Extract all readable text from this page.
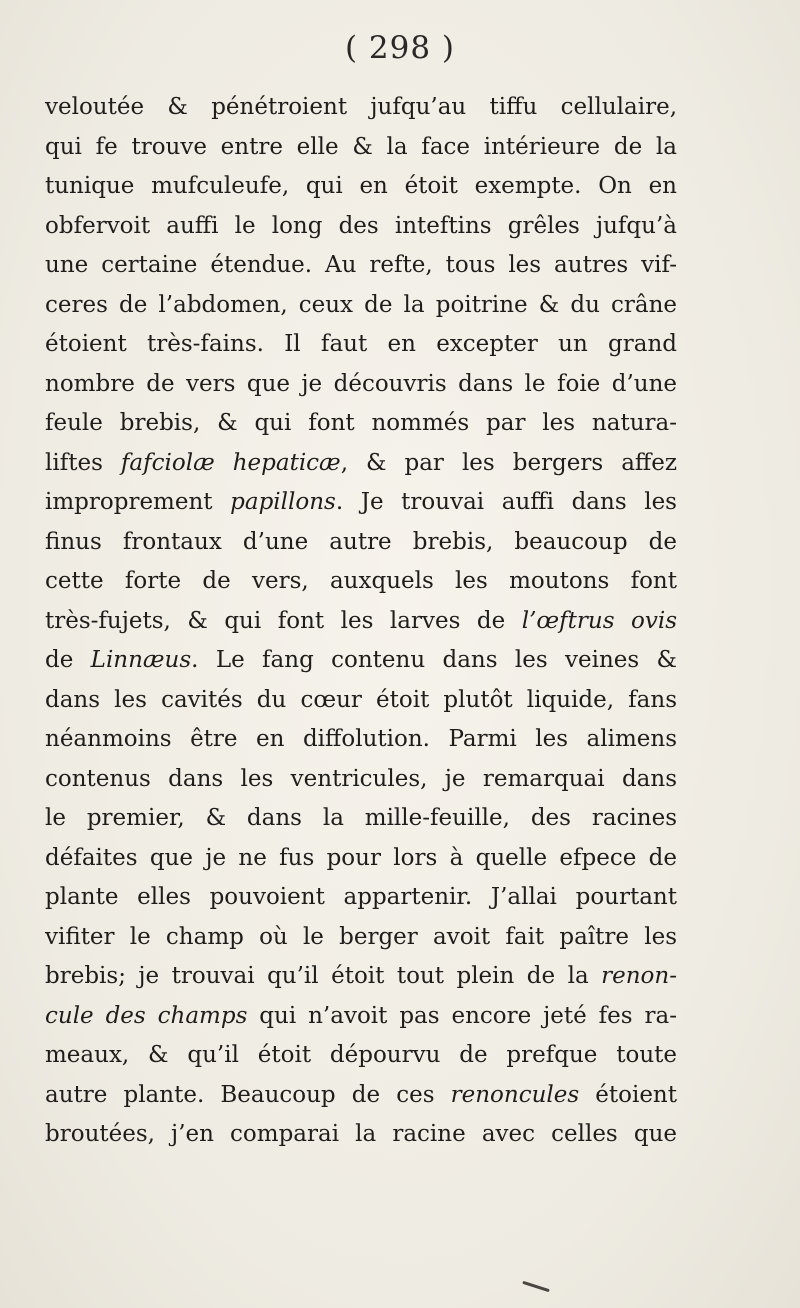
( 298 )
veloutée & pénétroient jufqu’au tiffu cellulaire,
qui fe trouve entre elle & la face intérieure de la
tunique mufculeufe, qui en étoit exempte. On en
obfervoit auffi le long des inteftins grêles jufqu’à
une certaine étendue. Au refte, tous les autres vif-
ceres de l’abdomen, ceux de la poitrine & du crâne
étoient très-fains. Il faut en excepter un grand
nombre de vers que je découvris dans le foie d’une
feule brebis, & qui font nommés par les natura-
liftes fafciolæ hepaticæ, & par les bergers affez
improprement papillons. Je trouvai auffi dans les
finus frontaux d’une autre brebis, beaucoup de
cette forte de vers, auxquels les moutons font
très-fujets, & qui font les larves de l’œftrus ovis
de Linnæus. Le fang contenu dans les veines &
dans les cavités du cœur étoit plutôt liquide, fans
néanmoins être en diffolution. Parmi les alimens
contenus dans les ventricules, je remarquai dans
le premier, & dans la mille-feuille, des racines
défaites que je ne fus pour lors à quelle efpece de
plante elles pouvoient appartenir. J’allai pourtant
vifiter le champ où le berger avoit fait paître les
brebis; je trouvai qu’il étoit tout plein de la renon-
cule des champs qui n’avoit pas encore jeté fes ra-
meaux, & qu’il étoit dépourvu de prefque toute
autre plante. Beaucoup de ces renoncules étoient
broutées, j’en comparai la racine avec celles que
